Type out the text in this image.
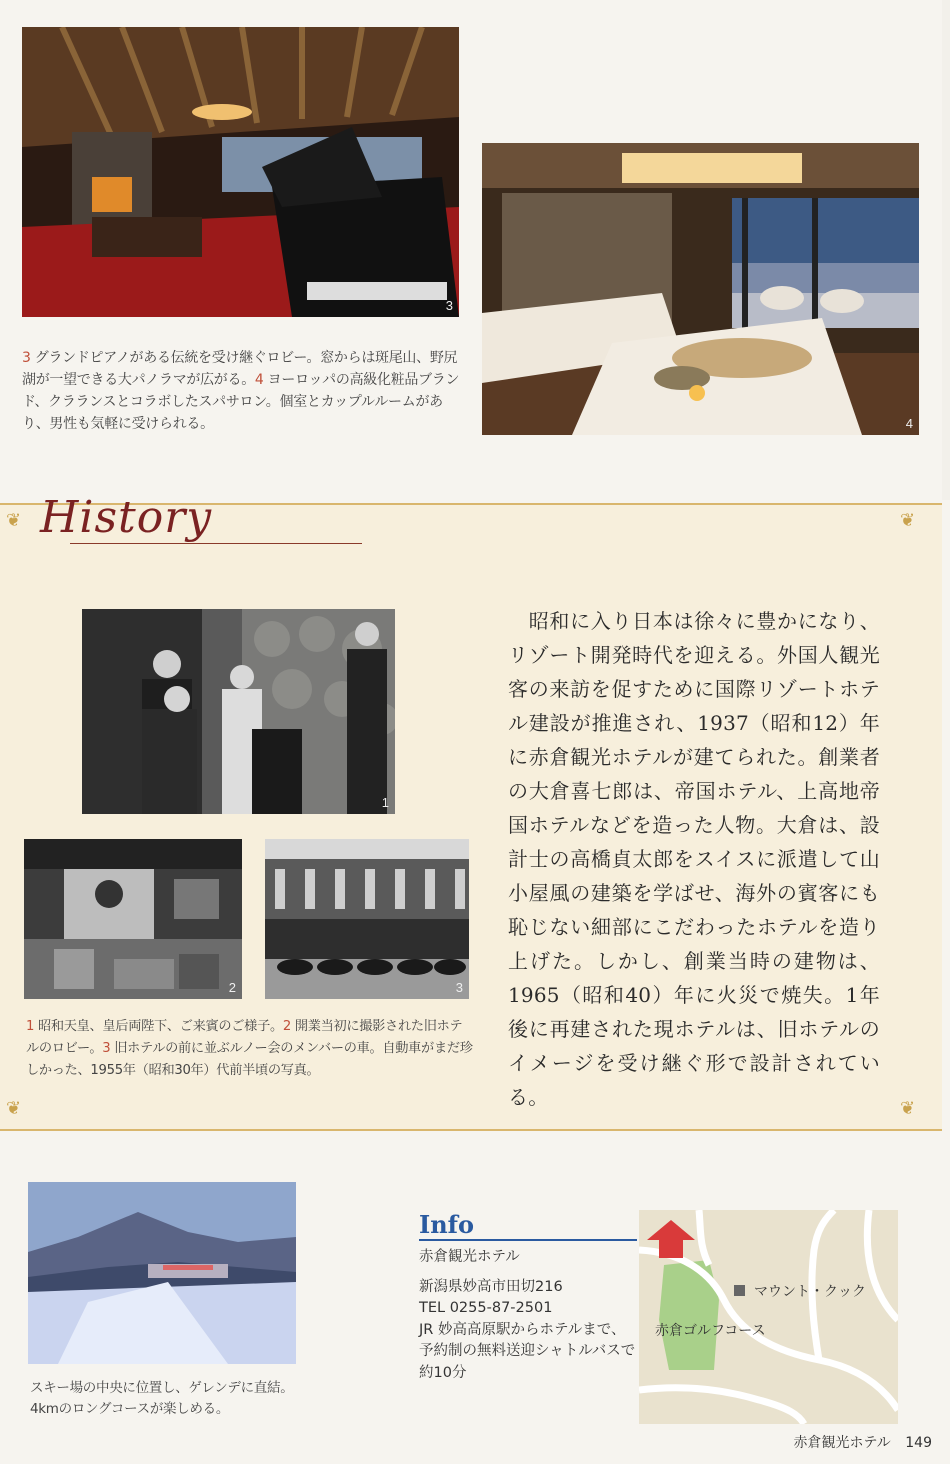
3
4
3 グランドピアノがある伝統を受け継ぐロビー。窓からは斑尾山、野尻湖が一望できる大パノラマが広がる。4 ヨーロッパの高級化粧品ブランド、クラランスとコラボしたスパサロン。個室とカップルルームがあり、男性も気軽に受けられる。
❦	❦
❦	❦
History
1
2	3
1 昭和天皇、皇后両陛下、ご来賓のご様子。2 開業当初に撮影された旧ホテルのロビー。3 旧ホテルの前に並ぶルノー会のメンバーの車。自動車がまだ珍しかった、1955年（昭和30年）代前半頃の写真。
　昭和に入り日本は徐々に豊かになり、リゾート開発時代を迎える。外国人観光客の来訪を促すために国際リゾートホテル建設が推進され、1937（昭和12）年に赤倉観光ホテルが建てられた。創業者の大倉喜七郎は、帝国ホテル、上高地帝国ホテルなどを造った人物。大倉は、設計士の高橋貞太郎をスイスに派遣して山小屋風の建築を学ばせ、海外の賓客にも恥じない細部にこだわったホテルを造り上げた。しかし、創業当時の建物は、1965（昭和40）年に火災で焼失。1年後に再建された現ホテルは、旧ホテルのイメージを受け継ぐ形で設計されている。
スキー場の中央に位置し、ゲレンデに直結。4kmのロングコースが楽しめる。
Info
赤倉観光ホテル
新潟県妙高市田切216
TEL 0255-87-2501
JR 妙高高原駅からホテルまで、予約制の無料送迎シャトルバスで約10分
マウント・クック
赤倉ゴルフコース
赤倉観光ホテル 149
